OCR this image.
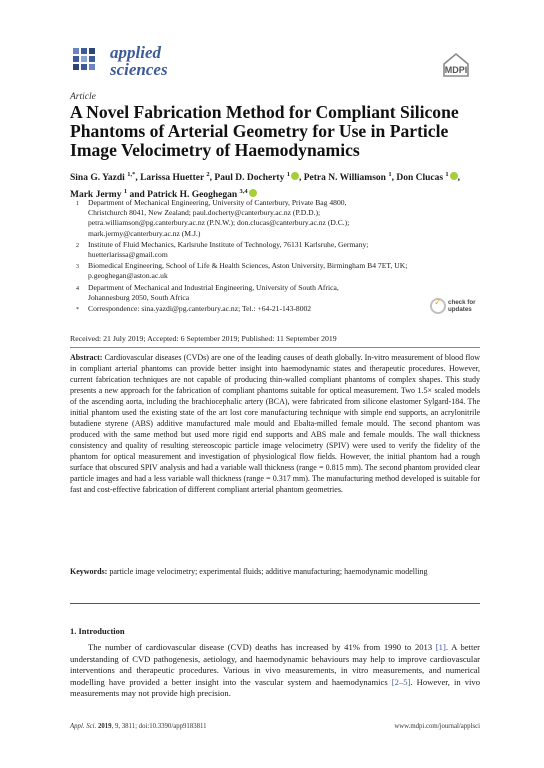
applied
sciences	MDPI
Article
A Novel Fabrication Method for Compliant Silicone Phantoms of Arterial Geometry for Use in Particle Image Velocimetry of Haemodynamics
Sina G. Yazdi $^{1,*}$, Larissa Huetter $^2$, Paul D. Docherty $^1$ , Petra N. Williamson $^1$, Don Clucas $^1$ , Mark Jermy $^1$ and Patrick H. Geoghegan $^{3,4}$
1	Department of Mechanical Engineering, University of Canterbury, Private Bag 4800,
Christchurch 8041, New Zealand; paul.docherty@canterbury.ac.nz (P.D.D.);
petra.williamson@pg.canterbury.ac.nz (P.N.W.); don.clucas@canterbury.ac.nz (D.C.);
mark.jermy@canterbury.ac.nz (M.J.)
2	Institute of Fluid Mechanics, Karlsruhe Institute of Technology, 76131 Karlsruhe, Germany;
huetterlarissa@gmail.com
3	Biomedical Engineering, School of Life & Health Sciences, Aston University, Birmingham B4 7ET, UK;
p.geoghegan@aston.ac.uk
4	Department of Mechanical and Industrial Engineering, University of South Africa,
Johannesburg 2050, South Africa
*	Correspondence: sina.yazdi@pg.canterbury.ac.nz; Tel.: +64-21-143-8002
✓ check for
updates
Received: 21 July 2019; Accepted: 6 September 2019; Published: 11 September 2019
Abstract: Cardiovascular diseases (CVDs) are one of the leading causes of death globally. In-vitro measurement of blood flow in compliant arterial phantoms can provide better insight into haemodynamic states and therapeutic procedures. However, current fabrication techniques are not capable of producing thin-walled compliant phantoms of complex shapes. This study presents a new approach for the fabrication of compliant phantoms suitable for optical measurement. Two 1.5× scaled models of the ascending aorta, including the brachiocephalic artery (BCA), were fabricated from silicone elastomer Sylgard-184. The initial phantom used the existing state of the art lost core manufacturing technique with simple end supports, an acrylonitrile butadiene styrene (ABS) additive manufactured male mould and Ebalta-milled female mould. The second phantom was produced with the same method but used more rigid end supports and ABS male and female moulds. The wall thickness consistency and quality of resulting stereoscopic particle image velocimetry (SPIV) were used to verify the fidelity of the phantom for optical measurement and investigation of physiological flow fields. However, the initial phantom had a rough surface that obscured SPIV analysis and had a variable wall thickness (range = 0.815 mm). The second phantom provided clear particle images and had a less variable wall thickness (range = 0.317 mm). The manufacturing method developed is suitable for fast and cost-effective fabrication of different compliant arterial phantom geometries.
Keywords: particle image velocimetry; experimental fluids; additive manufacturing; haemodynamic modelling
1. Introduction
The number of cardiovascular disease (CVD) deaths has increased by 41% from 1990 to 2013 [1]. A better understanding of CVD pathogenesis, aetiology, and haemodynamic behaviours may help to improve cardiovascular interventions and therapeutic procedures. Various in vivo measurements, in vitro measurements, and numerical modelling have provided a better insight into the vascular system and haemodynamics [2–5]. However, in vivo measurements may not provide high precision.
Appl. Sci. 2019, 9, 3811; doi:10.3390/app9183811	www.mdpi.com/journal/applsci
